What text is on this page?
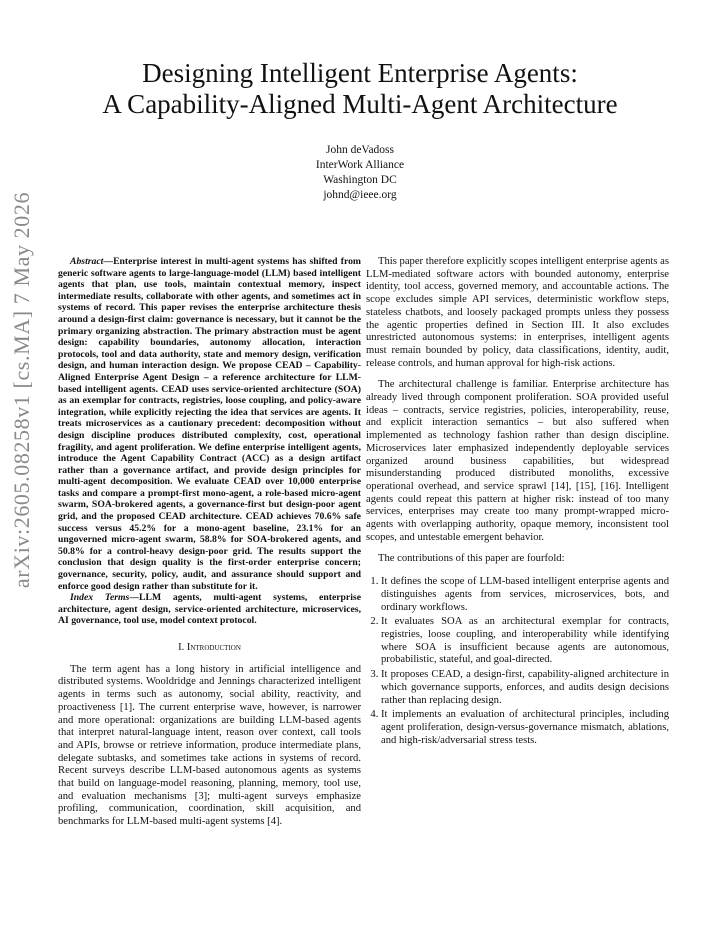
arXiv:2605.08258v1 [cs.MA] 7 May 2026
Designing Intelligent Enterprise Agents:
A Capability-Aligned Multi-Agent Architecture
John deVadoss
InterWork Alliance
Washington DC
johnd@ieee.org

Abstract—Enterprise interest in multi-agent systems has shifted from generic software agents to large-language-model (LLM) based intelligent agents that plan, use tools, maintain contextual memory, inspect intermediate results, collaborate with other agents, and sometimes act in systems of record. This paper revises the enterprise architecture thesis around a design-first claim: governance is necessary, but it cannot be the primary organizing abstraction. The primary abstraction must be agent design: capability boundaries, autonomy allocation, interaction protocols, tool and data authority, state and memory design, verification design, and human interaction design. We propose CEAD – Capability-Aligned Enterprise Agent Design – a reference architecture for LLM-based intelligent agents. CEAD uses service-oriented architecture (SOA) as an exemplar for contracts, registries, loose coupling, and policy-aware integration, while explicitly rejecting the idea that services are agents. It treats microservices as a cautionary precedent: decomposition without design discipline produces distributed complexity, cost, operational fragility, and agent proliferation. We define enterprise intelligent agents, introduce the Agent Capability Contract (ACC) as a design artifact rather than a governance artifact, and provide design principles for multi-agent decomposition. We evaluate CEAD over 10,000 enterprise tasks and compare a prompt-first mono-agent, a role-based micro-agent swarm, SOA-brokered agents, a governance-first but design-poor agent grid, and the proposed CEAD architecture. CEAD achieves 70.6% safe success versus 45.2% for a mono-agent baseline, 23.1% for an ungoverned micro-agent swarm, 58.8% for SOA-brokered agents, and 50.8% for a control-heavy design-poor grid. The results support the conclusion that design quality is the first-order enterprise concern; governance, security, policy, audit, and assurance should support and enforce good design rather than substitute for it.

Index Terms—LLM agents, multi-agent systems, enterprise architecture, agent design, service-oriented architecture, microservices, AI governance, tool use, model context protocol.

I. Introduction

The term agent has a long history in artificial intelligence and distributed systems. Wooldridge and Jennings characterized intelligent agents in terms such as autonomy, social ability, reactivity, and proactiveness [1]. The current enterprise wave, however, is narrower and more operational: organizations are building LLM-based agents that interpret natural-language intent, reason over context, call tools and APIs, browse or retrieve information, produce intermediate plans, delegate subtasks, and sometimes take actions in systems of record. Recent surveys describe LLM-based autonomous agents as systems that build on language-model reasoning, planning, memory, tool use, and evaluation mechanisms [3]; multi-agent surveys emphasize profiling, communication, coordination, skill acquisition, and benchmarks for LLM-based multi-agent systems [4].

This paper therefore explicitly scopes intelligent enterprise agents as LLM-mediated software actors with bounded autonomy, enterprise identity, tool access, governed memory, and accountable actions. The scope excludes simple API services, deterministic workflow steps, stateless chatbots, and loosely packaged prompts unless they possess the agentic properties defined in Section III. It also excludes unrestricted autonomous systems: in enterprises, intelligent agents must remain bounded by policy, data classifications, identity, audit, release controls, and human approval for high-risk actions.

The architectural challenge is familiar. Enterprise architecture has already lived through component proliferation. SOA provided useful ideas – contracts, service registries, policies, interoperability, reuse, and explicit interaction semantics – but also suffered when implemented as technology fashion rather than design discipline. Microservices later emphasized independently deployable services organized around business capabilities, but widespread misunderstanding produced distributed monoliths, excessive operational overhead, and service sprawl [14], [15], [16]. Intelligent agents could repeat this pattern at higher risk: instead of too many services, enterprises may create too many prompt-wrapped micro-agents with overlapping authority, opaque memory, inconsistent tool scopes, and untestable emergent behavior.

The contributions of this paper are fourfold:

1. It defines the scope of LLM-based intelligent enterprise agents and distinguishes agents from services, microservices, bots, and ordinary workflows.
2. It evaluates SOA as an architectural exemplar for contracts, registries, loose coupling, and interoperability while identifying where SOA is insufficient because agents are autonomous, probabilistic, stateful, and goal-directed.
3. It proposes CEAD, a design-first, capability-aligned architecture in which governance supports, enforces, and audits design decisions rather than replacing design.
4. It implements an evaluation of architectural principles, including agent proliferation, design-versus-governance mismatch, ablations, and high-risk/adversarial stress tests.
